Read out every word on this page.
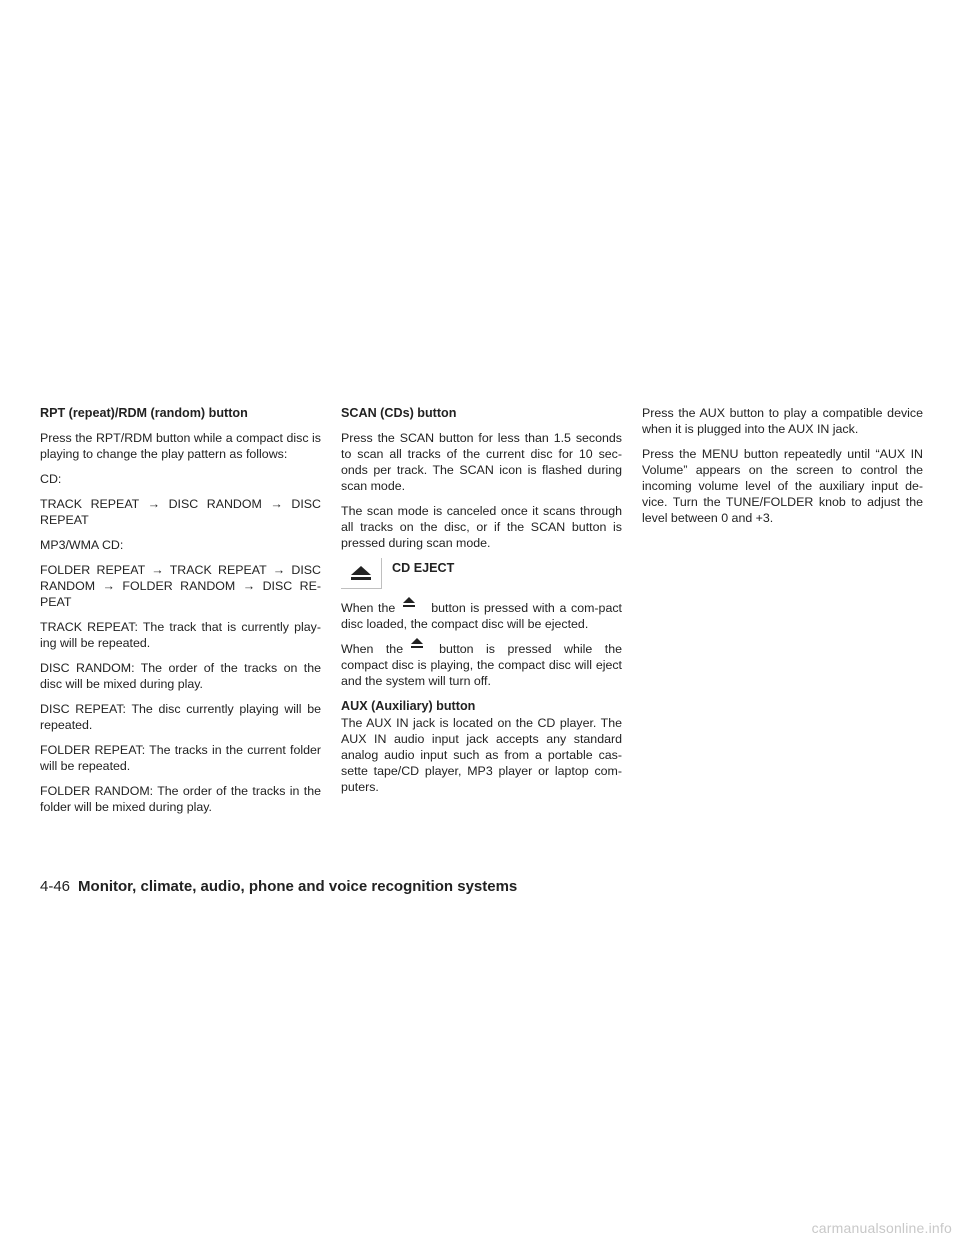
RPT (repeat)/RDM (random) button

Press the RPT/RDM button while a compact disc is playing to change the play pattern as follows:

CD:

TRACK REPEAT → DISC RANDOM → DISC REPEAT

MP3/WMA CD:

FOLDER REPEAT → TRACK REPEAT → DISC RANDOM → FOLDER RANDOM → DISC RE-PEAT

TRACK REPEAT: The track that is currently play-ing will be repeated.

DISC RANDOM: The order of the tracks on the disc will be mixed during play.

DISC REPEAT: The disc currently playing will be repeated.

FOLDER REPEAT: The tracks in the current folder will be repeated.

FOLDER RANDOM: The order of the tracks in the folder will be mixed during play.

SCAN (CDs) button

Press the SCAN button for less than 1.5 seconds to scan all tracks of the current disc for 10 sec-onds per track. The SCAN icon is flashed during scan mode.

The scan mode is canceled once it scans through all tracks on the disc, or if the SCAN button is pressed during scan mode.

CD EJECT

When the	button is pressed with a com-pact disc loaded, the compact disc will be ejected.

When the	button is pressed while the compact disc is playing, the compact disc will eject and the system will turn off.

AUX (Auxiliary) button

The AUX IN jack is located on the CD player. The AUX IN audio input jack accepts any standard analog audio input such as from a portable cas-sette tape/CD player, MP3 player or laptop com-puters.

Press the AUX button to play a compatible device when it is plugged into the AUX IN jack.

Press the MENU button repeatedly until “AUX IN Volume” appears on the screen to control the incoming volume level of the auxiliary input de-vice. Turn the TUNE/FOLDER knob to adjust the level between 0 and +3.

4-46 Monitor, climate, audio, phone and voice recognition systems
carmanualsonline.info
